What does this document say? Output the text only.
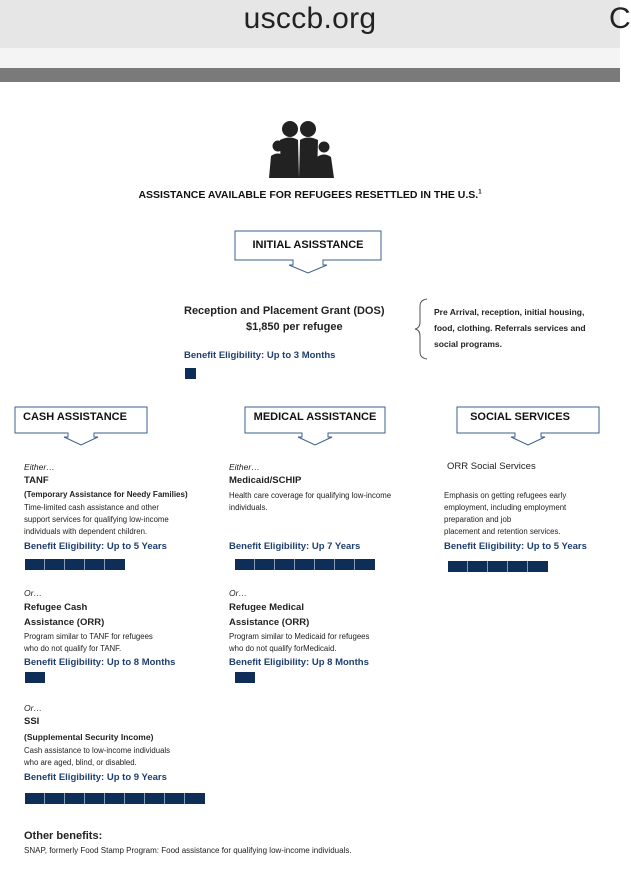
usccb.org	C
ASSISTANCE AVAILABLE FOR REFUGEES RESETTLED IN THE U.S.$^1$
INITIAL ASISSTANCE
Reception and Placement Grant (DOS)
$1,850 per refugee
Benefit Eligibility: Up to 3 Months
Pre Arrival, reception, initial housing,
food, clothing. Referrals services and
social programs.
CASH ASSISTANCE	MEDICAL ASSISTANCE	SOCIAL SERVICES
Either…
TANF
(Temporary Assistance for Needy Families)
Time-limited cash assistance and other
support services for qualifying low-income
individuals with dependent children.
Benefit Eligibility: Up to 5 Years
Or…
Refugee Cash
Assistance (ORR)
Program similar to TANF for refugees
who do not qualify for TANF.
Benefit Eligibility: Up to 8 Months
Or…
SSI
(Supplemental Security Income)
Cash assistance to low-income individuals
who are aged, blind, or disabled.
Benefit Eligibility: Up to 9 Years
Either…
Medicaid/SCHIP
Health care coverage for qualifying low-income
individuals.
Benefit Eligibility: Up 7 Years
Or…
Refugee Medical
Assistance (ORR)
Program similar to Medicaid for refugees
who do not qualify forMedicaid.
Benefit Eligibility: Up 8 Months
ORR Social Services
Emphasis on getting refugees early
employment, including employment
preparation and job
placement and retention services.
Benefit Eligibility: Up to 5 Years
Other benefits:
SNAP, formerly Food Stamp Program: Food assistance for qualifying low-income individuals.
